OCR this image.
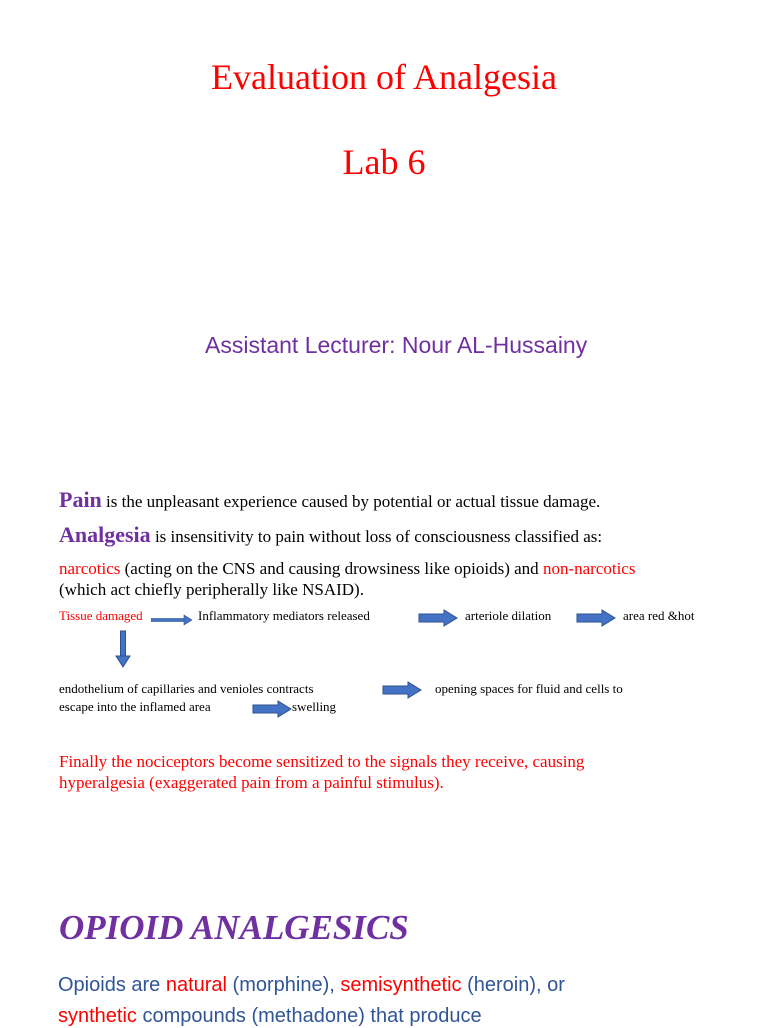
Evaluation of Analgesia
Lab 6
Assistant Lecturer: Nour AL-Hussainy
Pain is the unpleasant experience caused by potential or actual tissue damage.
Analgesia is insensitivity to pain without loss of consciousness classified as:
narcotics (acting on the CNS and causing drowsiness like opioids) and non-narcotics
(which act chiefly peripherally like NSAID).
Tissue damaged	Inflammatory mediators released	arteriole dilation	area red &hot
endothelium of capillaries and venioles contracts	opening spaces for fluid and cells to
escape into the inflamed area	swelling
Finally the nociceptors become sensitized to the signals they receive, causing
hyperalgesia (exaggerated pain from a painful stimulus).
OPIOID ANALGESICS
Opioids are natural (morphine), semisynthetic (heroin), or
synthetic compounds (methadone) that produce
